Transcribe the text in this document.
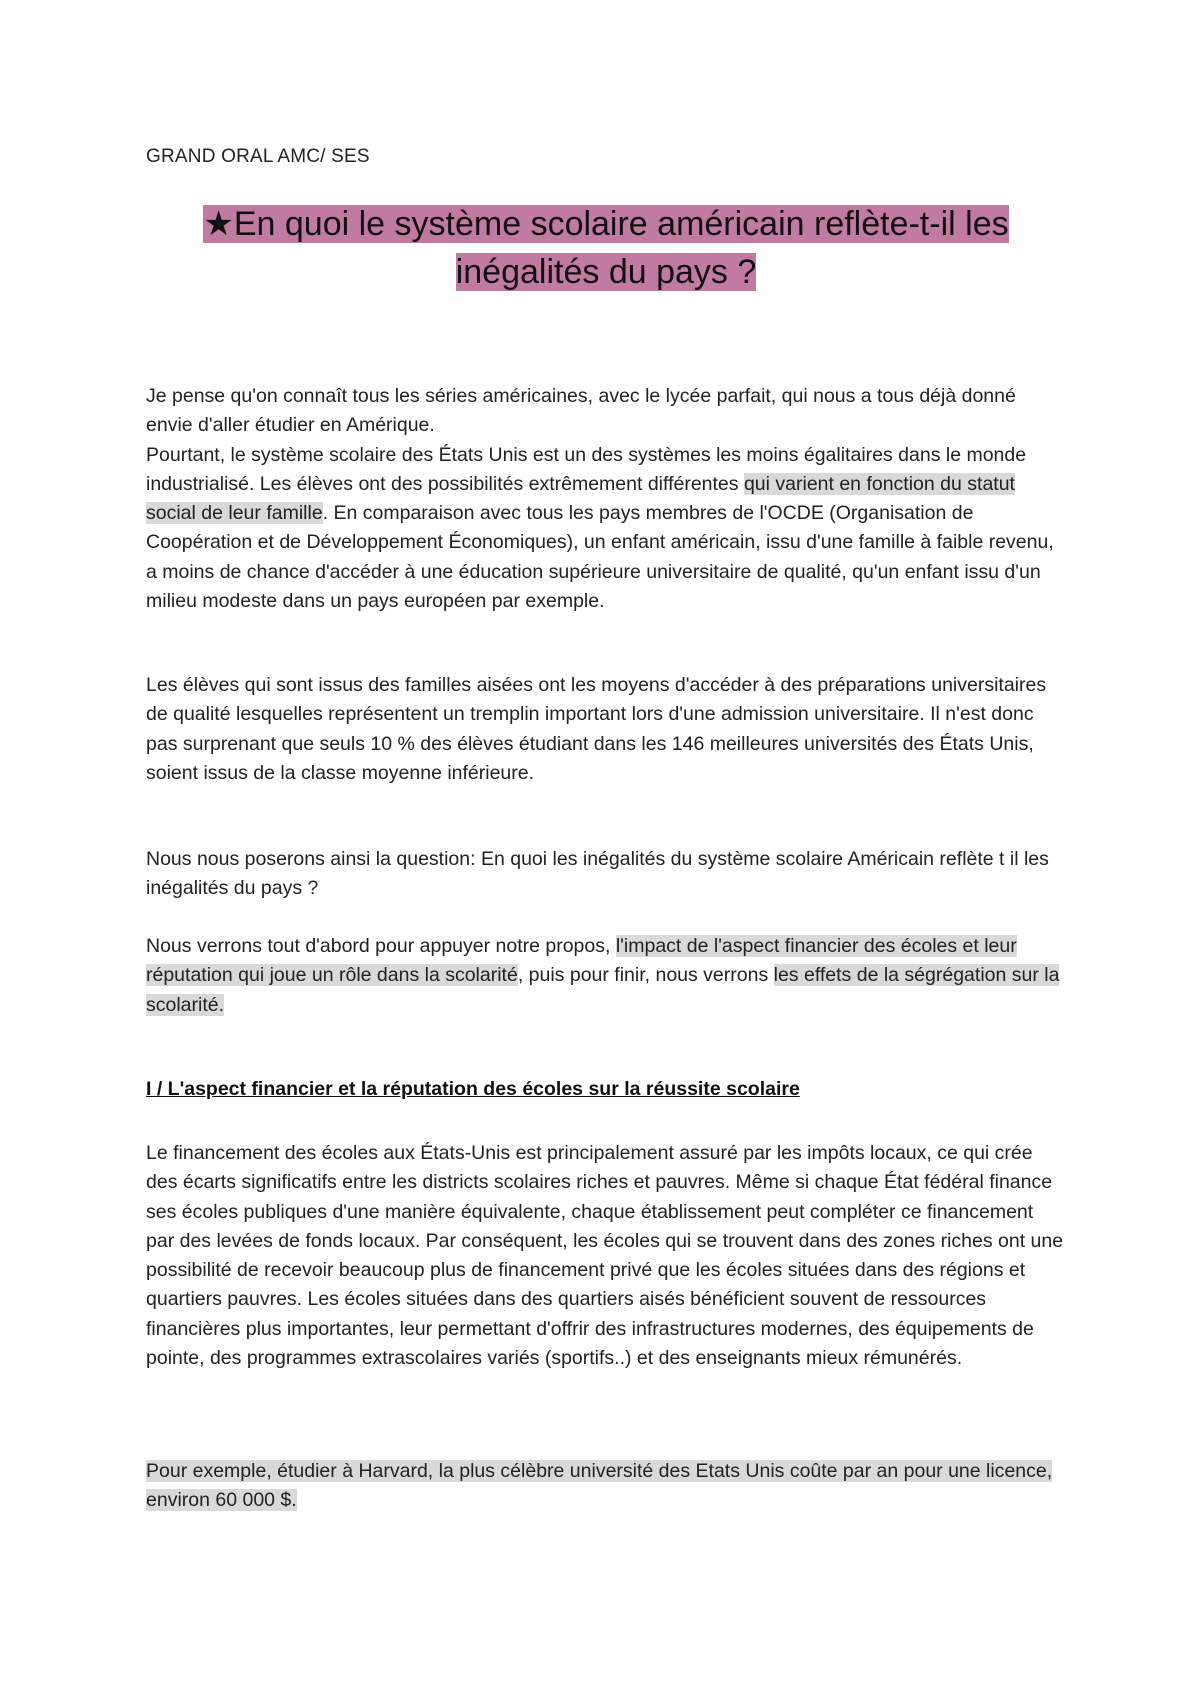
GRAND ORAL AMC/ SES
★En quoi le système scolaire américain reflète-t-il les
inégalités du pays ?

Je pense qu'on connaît tous les séries américaines, avec le lycée parfait, qui nous a tous déjà donné envie d'aller étudier en Amérique.

Pourtant, le système scolaire des États Unis est un des systèmes les moins égalitaires dans le monde industrialisé. Les élèves ont des possibilités extrêmement différentes qui varient en fonction du statut social de leur famille. En comparaison avec tous les pays membres de l'OCDE (Organisation de Coopération et de Développement Économiques), un enfant américain, issu d'une famille à faible revenu, a moins de chance d'accéder à une éducation supérieure universitaire de qualité, qu'un enfant issu d'un milieu modeste dans un pays européen par exemple.

Les élèves qui sont issus des familles aisées ont les moyens d'accéder à des préparations universitaires de qualité lesquelles représentent un tremplin important lors d'une admission universitaire. Il n'est donc pas surprenant que seuls 10 % des élèves étudiant dans les 146 meilleures universités des États Unis, soient issus de la classe moyenne inférieure.
Nous nous poserons ainsi la question: En quoi les inégalités du système scolaire Américain reflète t il les inégalités du pays ?
Nous verrons tout d'abord pour appuyer notre propos, l'impact de l'aspect financier des écoles et leur réputation qui joue un rôle dans la scolarité, puis pour finir, nous verrons les effets de la ségrégation sur la scolarité.
I / L'aspect financier et la réputation des écoles sur la réussite scolaire
Le financement des écoles aux États-Unis est principalement assuré par les impôts locaux, ce qui crée des écarts significatifs entre les districts scolaires riches et pauvres. Même si chaque État fédéral finance ses écoles publiques d'une manière équivalente, chaque établissement peut compléter ce financement par des levées de fonds locaux. Par conséquent, les écoles qui se trouvent dans des zones riches ont une possibilité de recevoir beaucoup plus de financement privé que les écoles situées dans des régions et quartiers pauvres. Les écoles situées dans des quartiers aisés bénéficient souvent de ressources financières plus importantes, leur permettant d'offrir des infrastructures modernes, des équipements de pointe, des programmes extrascolaires variés (sportifs..) et des enseignants mieux rémunérés.
Pour exemple, étudier à Harvard, la plus célèbre université des Etats Unis coûte par an pour une licence, environ 60 000 $.
